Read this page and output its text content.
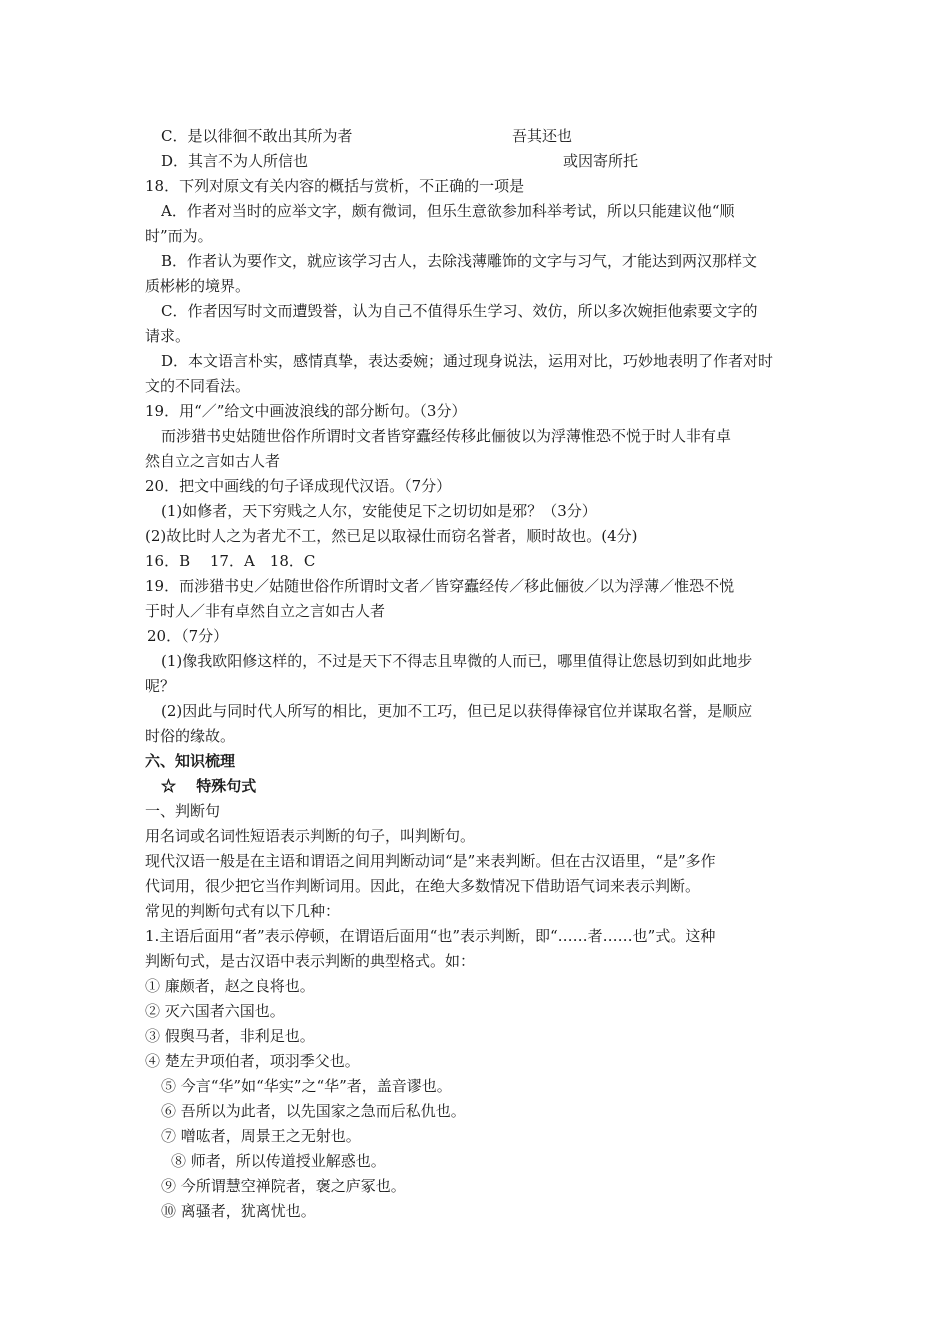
C．是以徘徊不敢出其所为者	吾其还也
D．其言不为人所信也	或因寄所托
18．下列对原文有关内容的概括与赏析，不正确的一项是
A．作者对当时的应举文字，颇有微词，但乐生意欲参加科举考试，所以只能建议他“顺
时”而为。
B．作者认为要作文，就应该学习古人，去除浅薄雕饰的文字与习气，才能达到两汉那样文
质彬彬的境界。
C．作者因写时文而遭毁誉，认为自己不值得乐生学习、效仿，所以多次婉拒他索要文字的
请求。
D．本文语言朴实，感情真挚，表达委婉；通过现身说法，运用对比，巧妙地表明了作者对时
文的不同看法。
19．用“／”给文中画波浪线的部分断句。（3分）
而涉猎书史姑随世俗作所谓时文者皆穿蠹经传移此俪彼以为浮薄惟恐不悦于时人非有卓
然自立之言如古人者
20．把文中画线的句子译成现代汉语。（7分）
(1)如修者，天下穷贱之人尔，安能使足下之切切如是邪？（3分）
(2)故比时人之为者尤不工，然已足以取禄仕而窃名誉者，顺时故也。(4分)
16．B　 17．A　18．C
19．而涉猎书史／姑随世俗作所谓时文者／皆穿蠹经传／移此俪彼／以为浮薄／惟恐不悦
于时人／非有卓然自立之言如古人者
20．（7分）
(1)像我欧阳修这样的，不过是天下不得志且卑微的人而已，哪里值得让您恳切到如此地步
呢？
(2)因此与同时代人所写的相比，更加不工巧，但已足以获得俸禄官位并谋取名誉，是顺应
时俗的缘故。
六、知识梳理
☆　 特殊句式
一、判断句
用名词或名词性短语表示判断的句子，叫判断句。
现代汉语一般是在主语和谓语之间用判断动词“是”来表判断。但在古汉语里，“是”多作
代词用，很少把它当作判断词用。因此，在绝大多数情况下借助语气词来表示判断。
常见的判断句式有以下几种：
1.主语后面用“者”表示停顿，在谓语后面用“也”表示判断，即“……者……也”式。这种
判断句式，是古汉语中表示判断的典型格式。如：
① 廉颇者，赵之良将也。
② 灭六国者六国也。
③ 假舆马者，非利足也。
④ 楚左尹项伯者，项羽季父也。
⑤ 今言“华”如“华实”之“华”者，盖音谬也。
⑥ 吾所以为此者，以先国家之急而后私仇也。
⑦ 噌吰者，周景王之无射也。
⑧ 师者，所以传道授业解惑也。
⑨ 今所谓慧空禅院者，褒之庐冢也。
⑩ 离骚者，犹离忧也。
